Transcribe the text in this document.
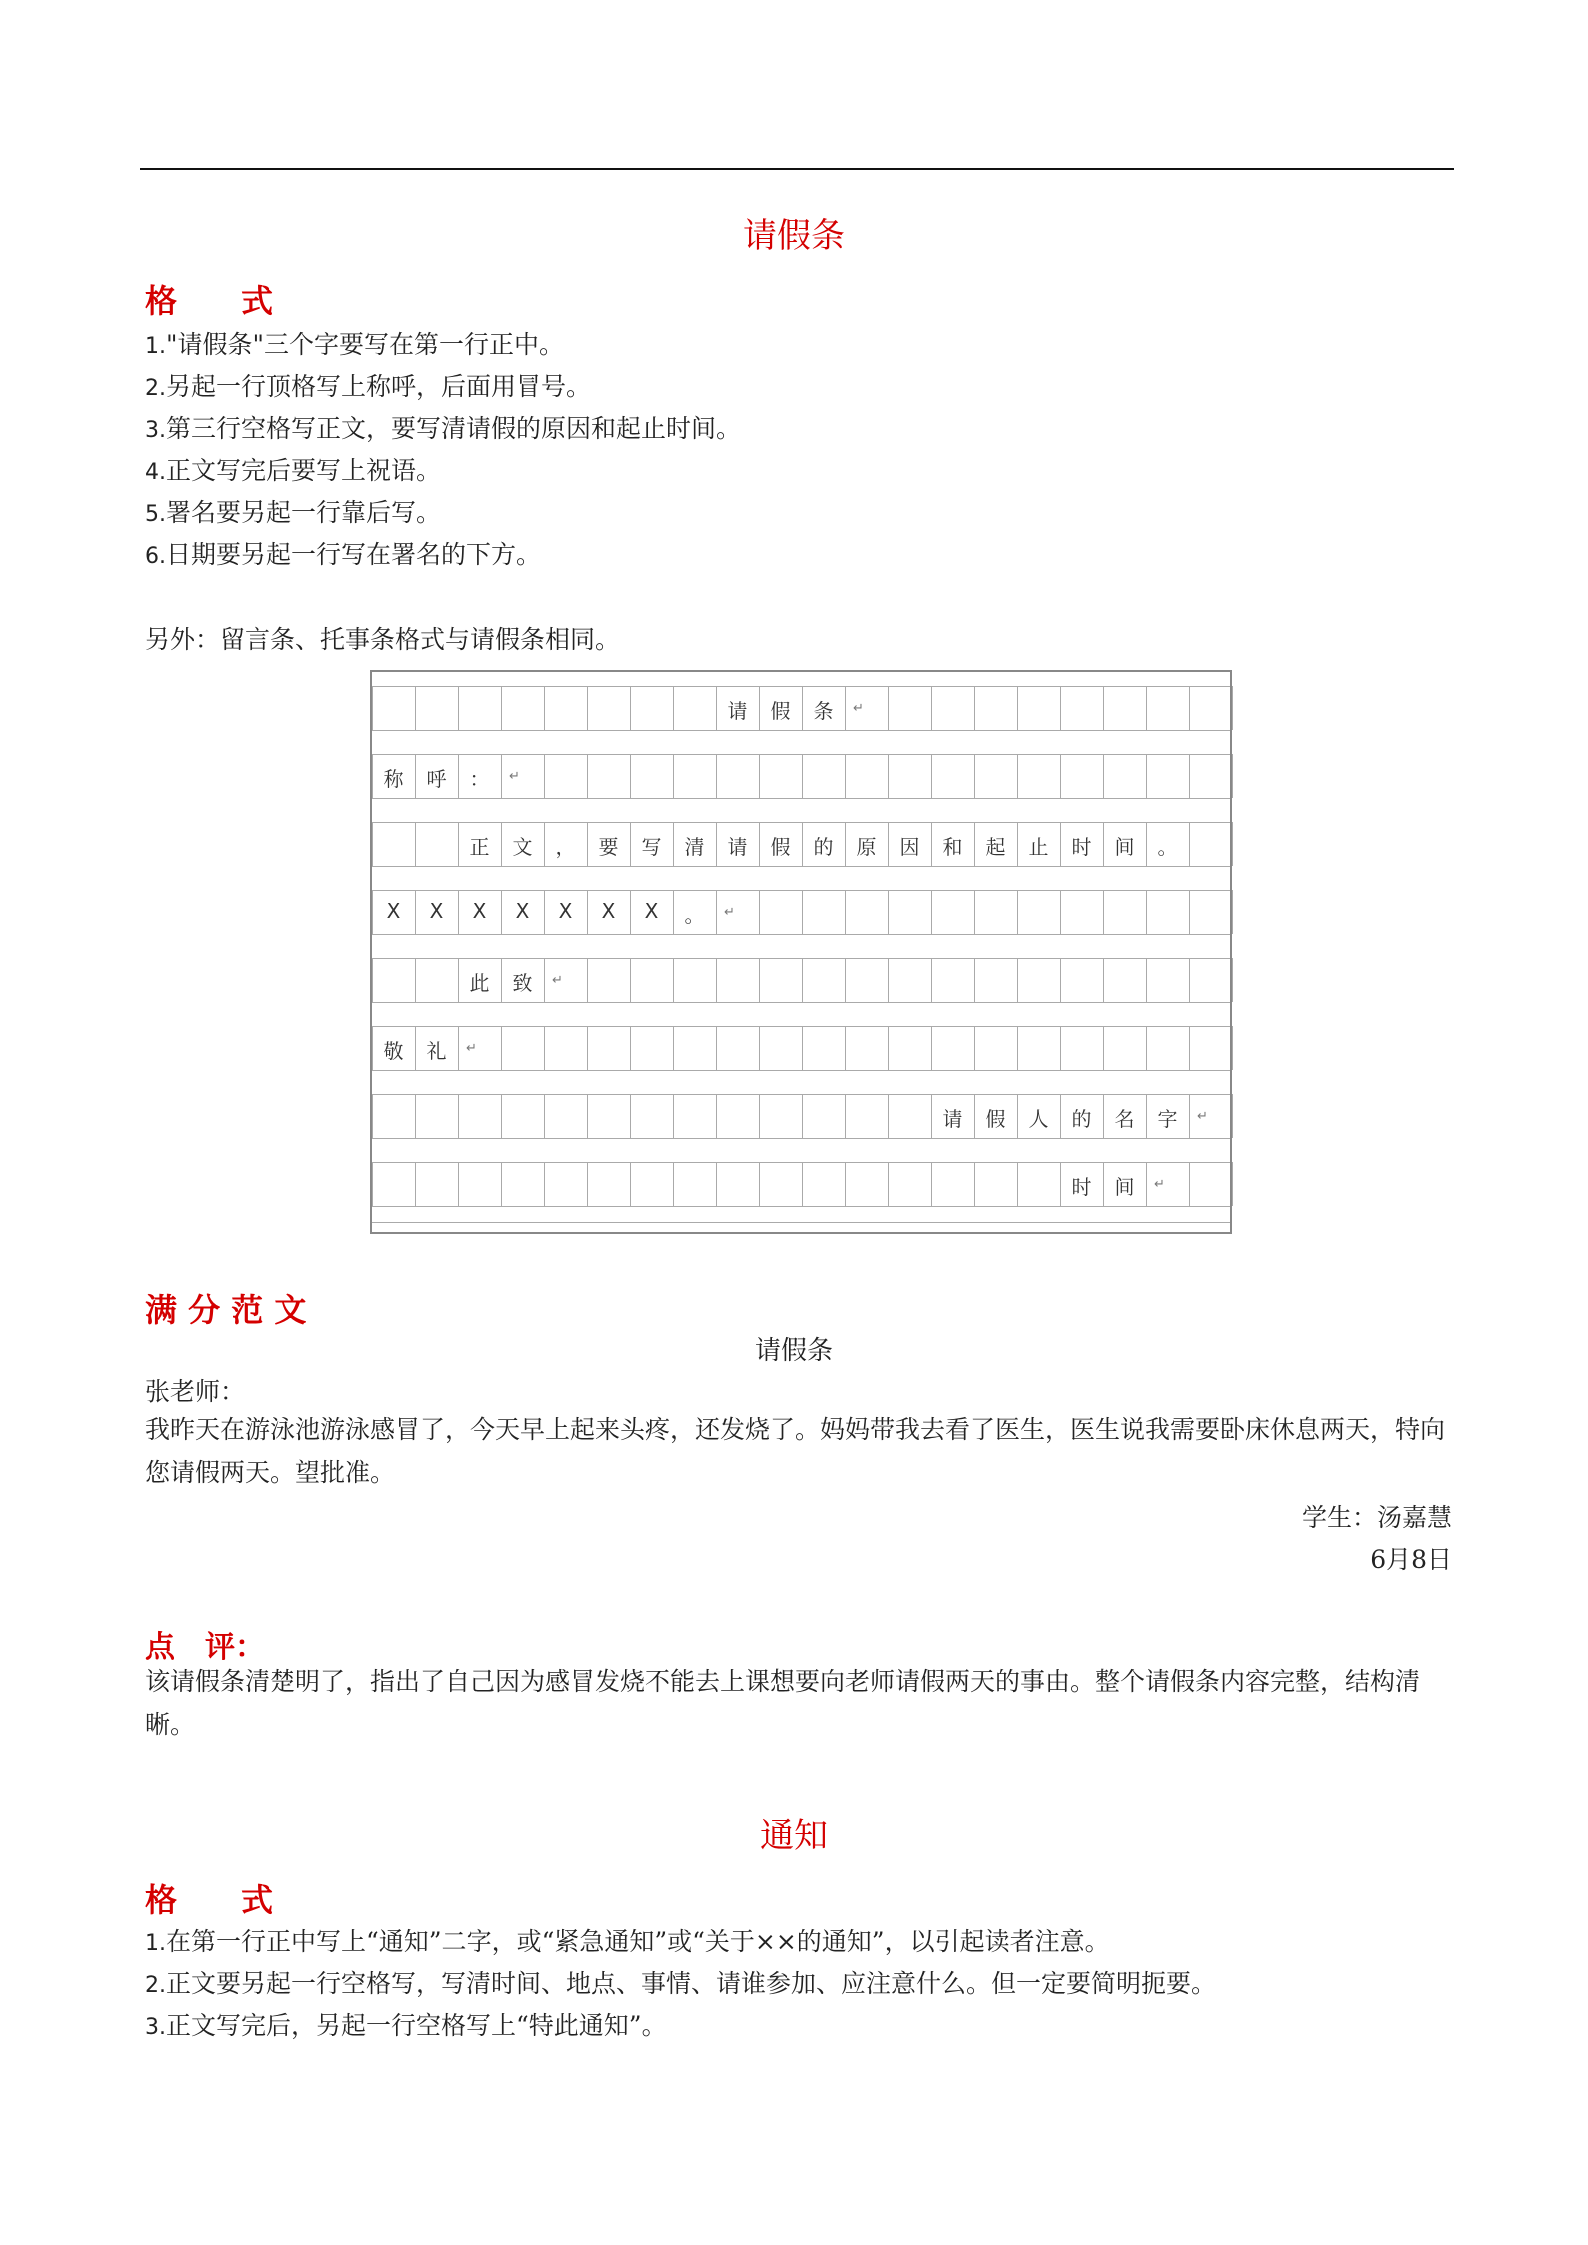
请假条
格　　式
1."请假条"三个字要写在第一行正中。
2.另起一行顶格写上称呼，后面用冒号。
3.第三行空格写正文，要写清请假的原因和起止时间。
4.正文写完后要写上祝语。
5.署名要另起一行靠后写。
6.日期要另起一行写在署名的下方。
另外：留言条、托事条格式与请假条相同。
请	假	条	↵
称	呼	：	↵
正	文	，	要	写	清	请	假	的	原	因	和	起	止	时	间	。
X	X	X	X	X	X	X	。	↵
此	致	↵
敬	礼	↵
请	假	人	的	名	字	↵
时	间	↵
满 分 范 文
请假条
张老师：
我昨天在游泳池游泳感冒了，今天早上起来头疼，还发烧了。妈妈带我去看了医生，医生说我需要卧床休息两天，特向您请假两天。望批准。
学生：汤嘉慧
6月8日
点　评：
该请假条清楚明了，指出了自己因为感冒发烧不能去上课想要向老师请假两天的事由。整个请假条内容完整，结构清晰。
通知
格　　式
1.在第一行正中写上“通知”二字，或“紧急通知”或“关于××的通知”，以引起读者注意。
2.正文要另起一行空格写，写清时间、地点、事情、请谁参加、应注意什么。但一定要简明扼要。
3.正文写完后，另起一行空格写上“特此通知”。
